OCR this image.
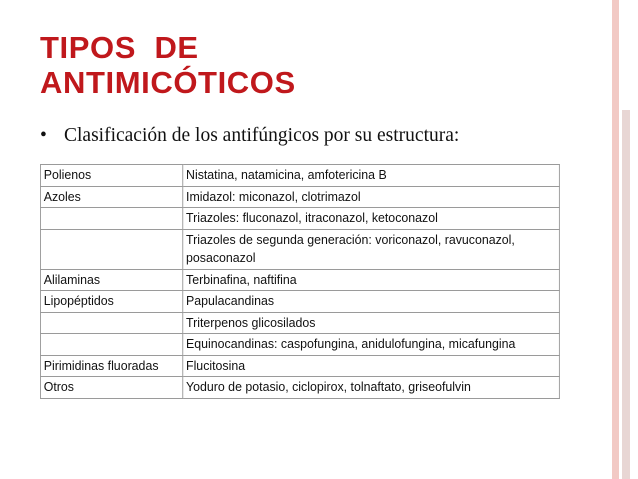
TIPOS  DE
ANTIMICÓTICOS
• Clasificación de los antifúngicos por su estructura:
Polienos	Nistatina, natamicina, amfotericina B
Azoles	Imidazol: miconazol, clotrimazol
	Triazoles: fluconazol, itraconazol, ketoconazol
	Triazoles de segunda generación: voriconazol, ravuconazol, posaconazol
Alilaminas	Terbinafina, naftifina
Lipopéptidos	Papulacandinas
	Triterpenos glicosilados
	Equinocandinas: caspofungina, anidulofungina, micafungina
Pirimidinas fluoradas	Flucitosina
Otros	Yoduro de potasio, ciclopirox, tolnaftato, griseofulvin
